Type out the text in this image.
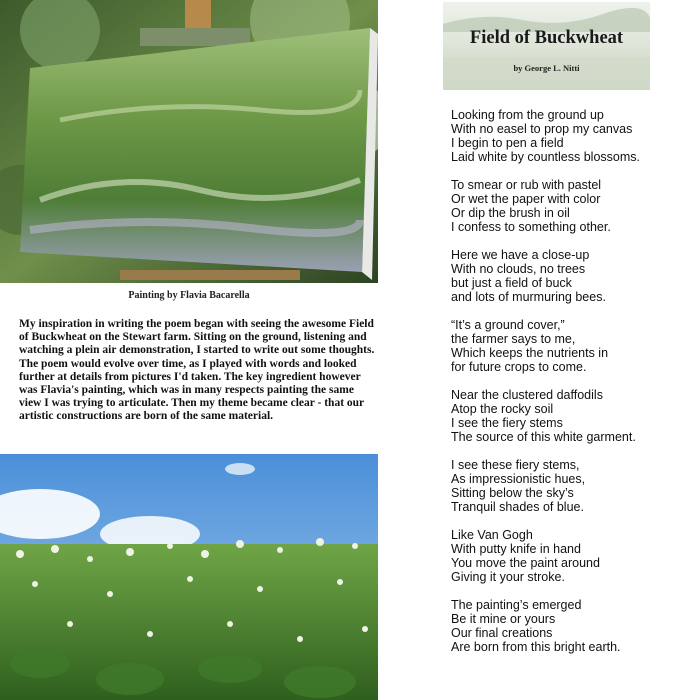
Painting by Flavia Bacarella

My inspiration in writing the poem began with seeing the awesome Field of Buckwheat on the Stewart farm. Sitting on the ground, listening and watching a plein air demonstration, I started to write out some thoughts. The poem would evolve over time, as I played with words and looked further at details from pictures I'd taken. The key ingredient however was Flavia's painting, which was in many respects painting the same view I was trying to articulate. Then my theme became clear - that our artistic constructions are born of the same material.

Field of Buckwheat
by George L. Nitti
Looking from the ground up
With no easel to prop my canvas
I begin to pen a field
Laid white by countless blossoms.
To smear or rub with pastel
Or wet the paper with color
Or dip the brush in oil
I confess to something other.
Here we have a close-up
With no clouds, no trees
but just a field of buck
and lots of murmuring bees.
“It’s a ground cover,”
the farmer says to me,
Which keeps the nutrients in
for future crops to come.
Near the clustered daffodils
Atop the rocky soil
I see the fiery stems
The source of this white garment.
I see these fiery stems,
As impressionistic hues,
Sitting below the sky’s
Tranquil shades of blue.
Like Van Gogh
With putty knife in hand
You move the paint around
Giving it your stroke.
The painting’s emerged
Be it mine or yours
Our final creations
Are born from this bright earth.
